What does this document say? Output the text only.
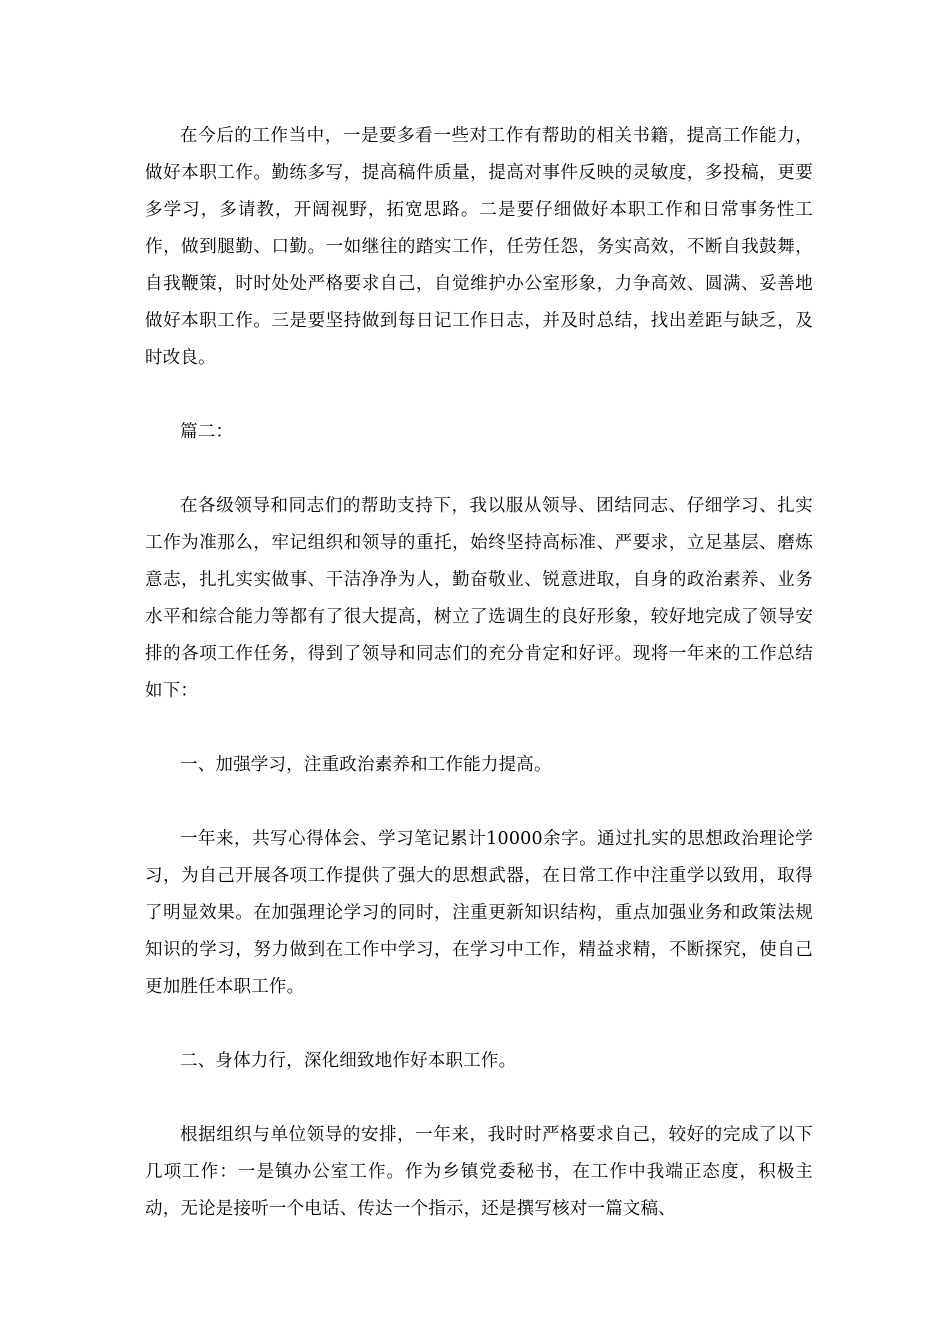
在今后的工作当中，一是要多看一些对工作有帮助的相关书籍，提高工作能力，做好本职工作。勤练多写，提高稿件质量，提高对事件反映的灵敏度，多投稿，更要多学习，多请教，开阔视野，拓宽思路。二是要仔细做好本职工作和日常事务性工作，做到腿勤、口勤。一如继往的踏实工作，任劳任怨，务实高效，不断自我鼓舞，自我鞭策，时时处处严格要求自己，自觉维护办公室形象，力争高效、圆满、妥善地做好本职工作。三是要坚持做到每日记工作日志，并及时总结，找出差距与缺乏，及时改良。

篇二：

在各级领导和同志们的帮助支持下，我以服从领导、团结同志、仔细学习、扎实工作为准那么，牢记组织和领导的重托，始终坚持高标准、严要求，立足基层、磨炼意志，扎扎实实做事、干洁净净为人，勤奋敬业、锐意进取，自身的政治素养、业务水平和综合能力等都有了很大提高，树立了选调生的良好形象，较好地完成了领导安排的各项工作任务，得到了领导和同志们的充分肯定和好评。现将一年来的工作总结如下：

一、加强学习，注重政治素养和工作能力提高。

一年来，共写心得体会、学习笔记累计10000余字。通过扎实的思想政治理论学习，为自己开展各项工作提供了强大的思想武器，在日常工作中注重学以致用，取得了明显效果。在加强理论学习的同时，注重更新知识结构，重点加强业务和政策法规知识的学习，努力做到在工作中学习，在学习中工作，精益求精，不断探究，使自己更加胜任本职工作。

二、身体力行，深化细致地作好本职工作。

根据组织与单位领导的安排，一年来，我时时严格要求自己，较好的完成了以下几项工作：一是镇办公室工作。作为乡镇党委秘书，在工作中我端正态度，积极主动，无论是接听一个电话、传达一个指示，还是撰写核对一篇文稿、
